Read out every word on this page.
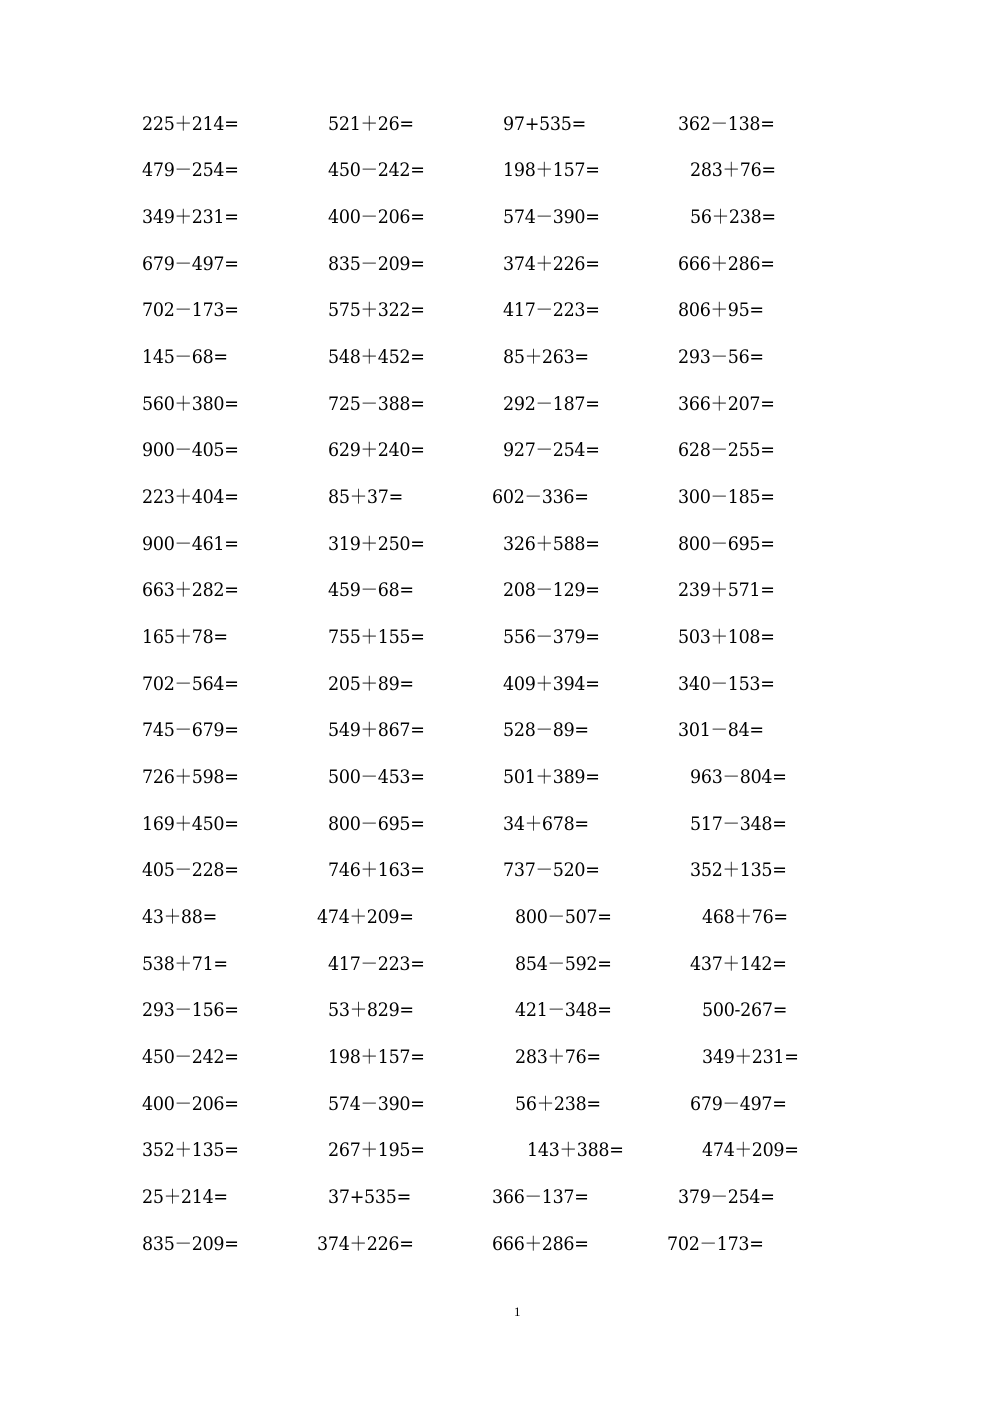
1
225＋214=	521＋26=	97+535=	362－138=
479－254=	450－242=	198＋157=	283＋76=
349＋231=	400－206=	574－390=	56＋238=
679－497=	835－209=	374＋226=	666＋286=
702－173=	575＋322=	417－223=	806＋95=
145－68=	548＋452=	85＋263=	293－56=
560＋380=	725－388=	292－187=	366＋207=
900－405=	629＋240=	927－254=	628－255=
223＋404=	85＋37=	602－336=	300－185=
900－461=	319＋250=	326＋588=	800－695=
663＋282=	459－68=	208－129=	239＋571=
165＋78=	755＋155=	556－379=	503＋108=
702－564=	205＋89=	409＋394=	340－153=
745－679=	549＋867=	528－89=	301－84=
726＋598=	500－453=	501＋389=	963－804=
169＋450=	800－695=	34＋678=	517－348=
405－228=	746＋163=	737－520=	352＋135=
43＋88=	474＋209=	800－507=	468＋76=
538＋71=	417－223=	854－592=	437＋142=
293－156=	53＋829=	421－348=	500-267=
450－242=	198＋157=	283＋76=	349＋231=
400－206=	574－390=	56＋238=	679－497=
352＋135=	267＋195=	143＋388=	474＋209=
25＋214=	37+535=	366－137=	379－254=
835－209=	374＋226=	666＋286=	702－173=
